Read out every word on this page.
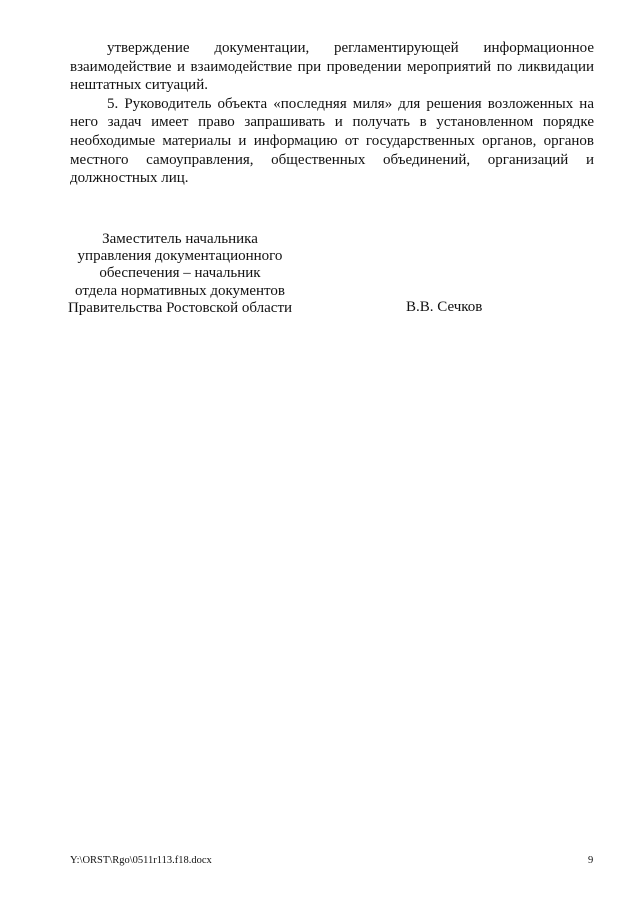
утверждение документации, регламентирующей информационное взаимодействие и взаимодействие при проведении мероприятий по ликвидации нештатных ситуаций.

5. Руководитель объекта «последняя миля» для решения возложенных на него задач имеет право запрашивать и получать в установленном порядке необходимые материалы и информацию от государственных органов, органов местного самоуправления, общественных объединений, организаций и должностных лиц.

Заместитель начальника
управления документационного
обеспечения – начальник
отдела нормативных документов
Правительства Ростовской области	В.В. Сечков
Y:\ORST\Rgo\0511r113.f18.docx	9
